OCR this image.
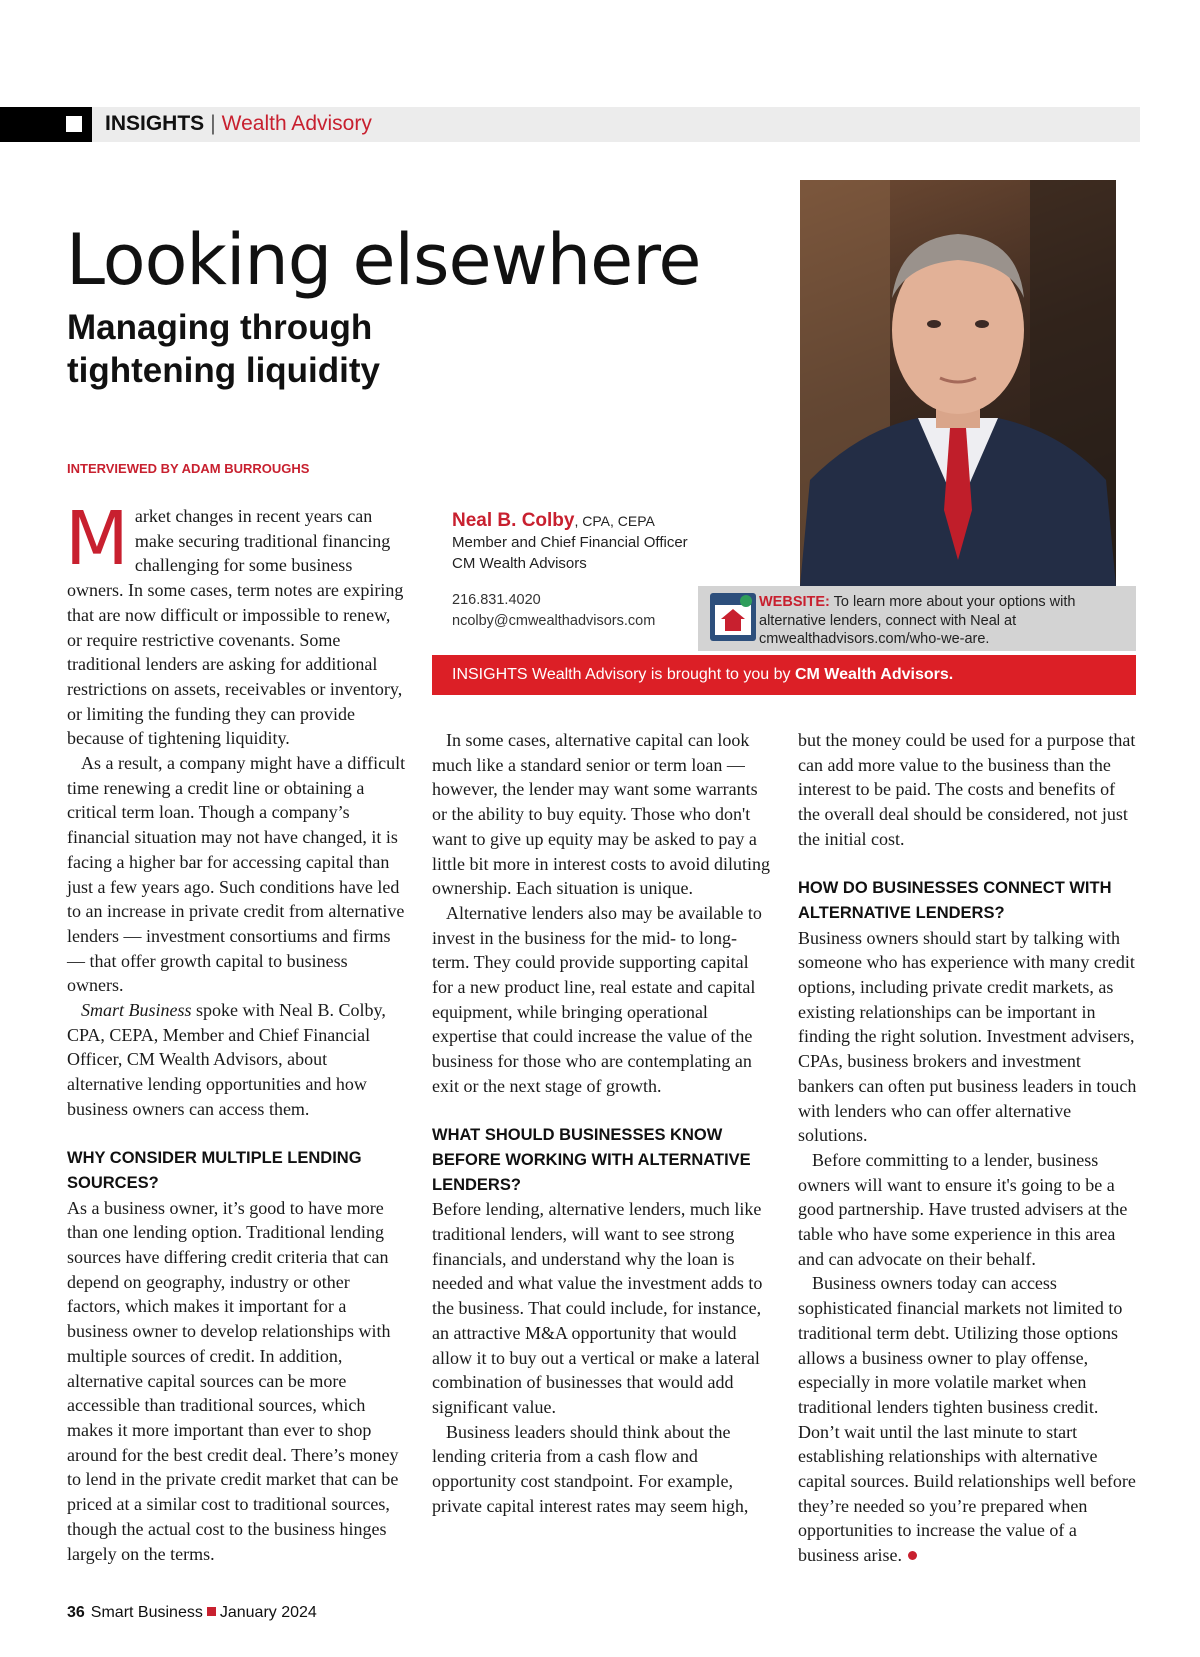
INSIGHTS | Wealth Advisory
Looking elsewhere
Managing through tightening liquidity
INTERVIEWED BY ADAM BURROUGHS
Neal B. Colby, CPA, CEPA
Member and Chief Financial Officer
CM Wealth Advisors
216.831.4020
ncolby@cmwealthadvisors.com
WEBSITE: To learn more about your options with alternative lenders, connect with Neal at cmwealthadvisors.com/who-we-are.
INSIGHTS Wealth Advisory is brought to you by CM Wealth Advisors.

Market changes in recent years can make securing traditional financing challenging for some business owners. In some cases, term notes are expiring that are now difficult or impossible to renew, or require restrictive covenants. Some traditional lenders are asking for additional restrictions on assets, receivables or inventory, or limiting the funding they can provide because of tightening liquidity.

As a result, a company might have a difficult time renewing a credit line or obtaining a critical term loan. Though a company’s financial situation may not have changed, it is facing a higher bar for accessing capital than just a few years ago. Such conditions have led to an increase in private credit from alternative lenders — investment consortiums and firms — that offer growth capital to business owners.

Smart Business spoke with Neal B. Colby, CPA, CEPA, Member and Chief Financial Officer, CM Wealth Advisors, about alternative lending opportunities and how business owners can access them.

WHY CONSIDER MULTIPLE LENDING SOURCES?

As a business owner, it’s good to have more than one lending option. Traditional lending sources have differing credit criteria that can depend on geography, industry or other factors, which makes it important for a business owner to develop relationships with multiple sources of credit. In addition, alternative capital sources can be more accessible than traditional sources, which makes it more important than ever to shop around for the best credit deal. There’s money to lend in the private credit market that can be priced at a similar cost to traditional sources, though the actual cost to the business hinges largely on the terms.

In some cases, alternative capital can look much like a standard senior or term loan — however, the lender may want some warrants or the ability to buy equity. Those who don't want to give up equity may be asked to pay a little bit more in interest costs to avoid diluting ownership. Each situation is unique.

Alternative lenders also may be available to invest in the business for the mid- to long-term. They could provide supporting capital for a new product line, real estate and capital equipment, while bringing operational expertise that could increase the value of the business for those who are contemplating an exit or the next stage of growth.

WHAT SHOULD BUSINESSES KNOW BEFORE WORKING WITH ALTERNATIVE LENDERS?

Before lending, alternative lenders, much like traditional lenders, will want to see strong financials, and understand why the loan is needed and what value the investment adds to the business. That could include, for instance, an attractive M&A opportunity that would allow it to buy out a vertical or make a lateral combination of businesses that would add significant value.

Business leaders should think about the lending criteria from a cash flow and opportunity cost standpoint. For example, private capital interest rates may seem high,

but the money could be used for a purpose that can add more value to the business than the interest to be paid. The costs and benefits of the overall deal should be considered, not just the initial cost.

HOW DO BUSINESSES CONNECT WITH ALTERNATIVE LENDERS?

Business owners should start by talking with someone who has experience with many credit options, including private credit markets, as existing relationships can be important in finding the right solution. Investment advisers, CPAs, business brokers and investment bankers can often put business leaders in touch with lenders who can offer alternative solutions.

Before committing to a lender, business owners will want to ensure it's going to be a good partnership. Have trusted advisers at the table who have some experience in this area and can advocate on their behalf.

Business owners today can access sophisticated financial markets not limited to traditional term debt. Utilizing those options allows a business owner to play offense, especially in more volatile market when traditional lenders tighten business credit. Don’t wait until the last minute to start establishing relationships with alternative capital sources. Build relationships well before they’re needed so you’re prepared when opportunities to increase the value of a business arise.

36 Smart Business January 2024
